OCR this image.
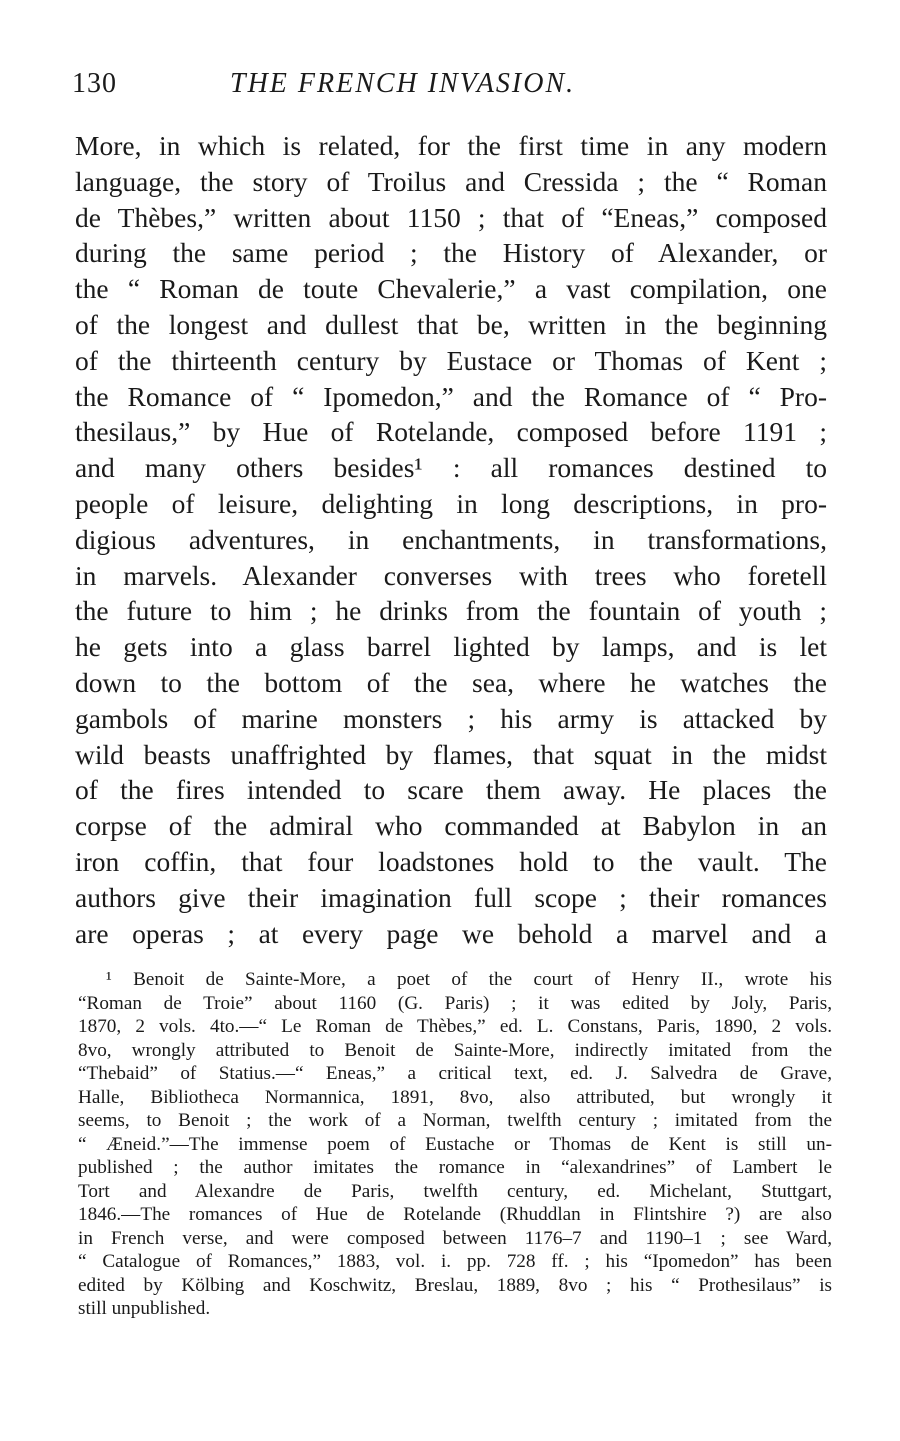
130	THE FRENCH INVASION.
More, in which is related, for the first time in any modern
language, the story of Troilus and Cressida ; the “ Roman
de Thèbes,” written about 1150 ; that of “Eneas,” composed
during the same period ; the History of Alexander, or
the “ Roman de toute Chevalerie,” a vast compilation, one
of the longest and dullest that be, written in the beginning
of the thirteenth century by Eustace or Thomas of Kent ;
the Romance of “ Ipomedon,” and the Romance of “ Pro-
thesilaus,” by Hue of Rotelande, composed before 1191 ;
and many others besides¹ : all romances destined to
people of leisure, delighting in long descriptions, in pro-
digious adventures, in enchantments, in transformations,
in marvels. Alexander converses with trees who foretell
the future to him ; he drinks from the fountain of youth ;
he gets into a glass barrel lighted by lamps, and is let
down to the bottom of the sea, where he watches the
gambols of marine monsters ; his army is attacked by
wild beasts unaffrighted by flames, that squat in the midst
of the fires intended to scare them away. He places the
corpse of the admiral who commanded at Babylon in an
iron coffin, that four loadstones hold to the vault. The
authors give their imagination full scope ; their romances
are operas ; at every page we behold a marvel and a
¹ Benoit de Sainte-More, a poet of the court of Henry II., wrote his
“Roman de Troie” about 1160 (G. Paris) ; it was edited by Joly, Paris,
1870, 2 vols. 4to.—“ Le Roman de Thèbes,” ed. L. Constans, Paris, 1890, 2 vols.
8vo, wrongly attributed to Benoit de Sainte-More, indirectly imitated from the
“Thebaid” of Statius.—“ Eneas,” a critical text, ed. J. Salvedra de Grave,
Halle, Bibliotheca Normannica, 1891, 8vo, also attributed, but wrongly it
seems, to Benoit ; the work of a Norman, twelfth century ; imitated from the
“ Æneid.”—The immense poem of Eustache or Thomas de Kent is still un-
published ; the author imitates the romance in “alexandrines” of Lambert le
Tort and Alexandre de Paris, twelfth century, ed. Michelant, Stuttgart,
1846.—The romances of Hue de Rotelande (Rhuddlan in Flintshire ?) are also
in French verse, and were composed between 1176–7 and 1190–1 ; see Ward,
“ Catalogue of Romances,” 1883, vol. i. pp. 728 ff. ; his “Ipomedon” has been
edited by Kölbing and Koschwitz, Breslau, 1889, 8vo ; his “ Prothesilaus” is
still unpublished.
